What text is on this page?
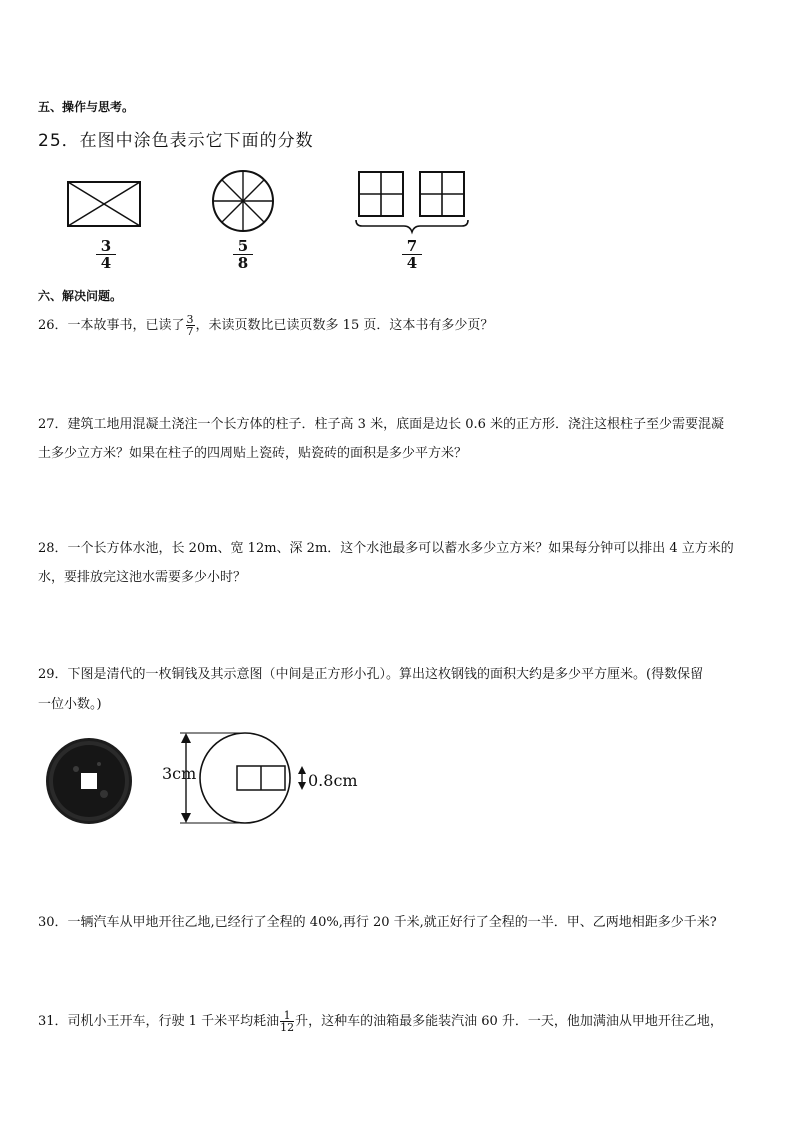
五、操作与思考。
25．在图中涂色表示它下面的分数
$\frac{3}{4}$	$\frac{5}{8}$	$\frac{7}{4}$
六、解决问题。
26．一本故事书，已读了 $\frac{3}{7}$ ，未读页数比已读页数多 15 页．这本书有多少页？
27．建筑工地用混凝土浇注一个长方体的柱子．柱子高 3 米，底面是边长 0.6 米的正方形．浇注这根柱子至少需要混凝
土多少立方米？如果在柱子的四周贴上瓷砖，贴瓷砖的面积是多少平方米？
28．一个长方体水池，长 20m、宽 12m、深 2m．这个水池最多可以蓄水多少立方米？如果每分钟可以排出 4 立方米的
水，要排放完这池水需要多少小时？
29．下图是清代的一枚铜钱及其示意图（中间是正方形小孔）。算出这枚钢钱的面积大约是多少平方厘米。(得数保留
一位小数。)
3cm	0.8cm
30．一辆汽车从甲地开往乙地,已经行了全程的 40%,再行 20 千米,就正好行了全程的一半．甲、乙两地相距多少千米?
31．司机小王开车，行驶 1 千米平均耗油 $\frac{1}{12}$ 升，这种车的油箱最多能装汽油 60 升．一天，他加满油从甲地开往乙地，
